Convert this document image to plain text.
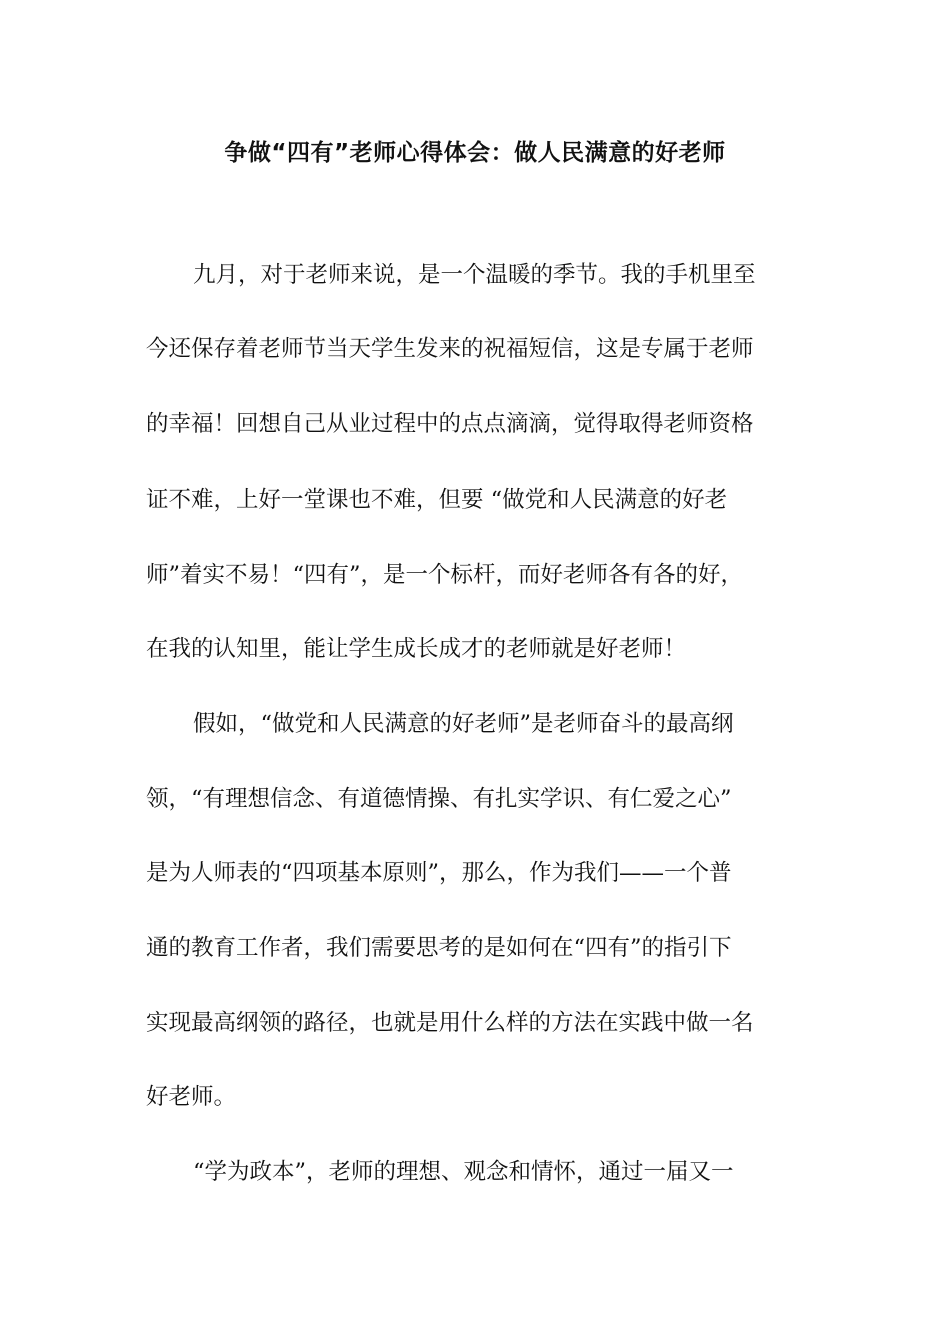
争做“四有”老师心得体会：做人民满意的好老师
九月，对于老师来说，是一个温暖的季节。我的手机里至
今还保存着老师节当天学生发来的祝福短信，这是专属于老师
的幸福！回想自己从业过程中的点点滴滴，觉得取得老师资格
证不难，上好一堂课也不难，但要 “做党和人民满意的好老
师”着实不易！“四有”，是一个标杆，而好老师各有各的好，
在我的认知里，能让学生成长成才的老师就是好老师！
假如，“做党和人民满意的好老师”是老师奋斗的最高纲
领，“有理想信念、有道德情操、有扎实学识、有仁爱之心”
是为人师表的“四项基本原则”，那么，作为我们——一个普
通的教育工作者，我们需要思考的是如何在“四有”的指引下
实现最高纲领的路径，也就是用什么样的方法在实践中做一名
好老师。
“学为政本”，老师的理想、观念和情怀，通过一届又一
